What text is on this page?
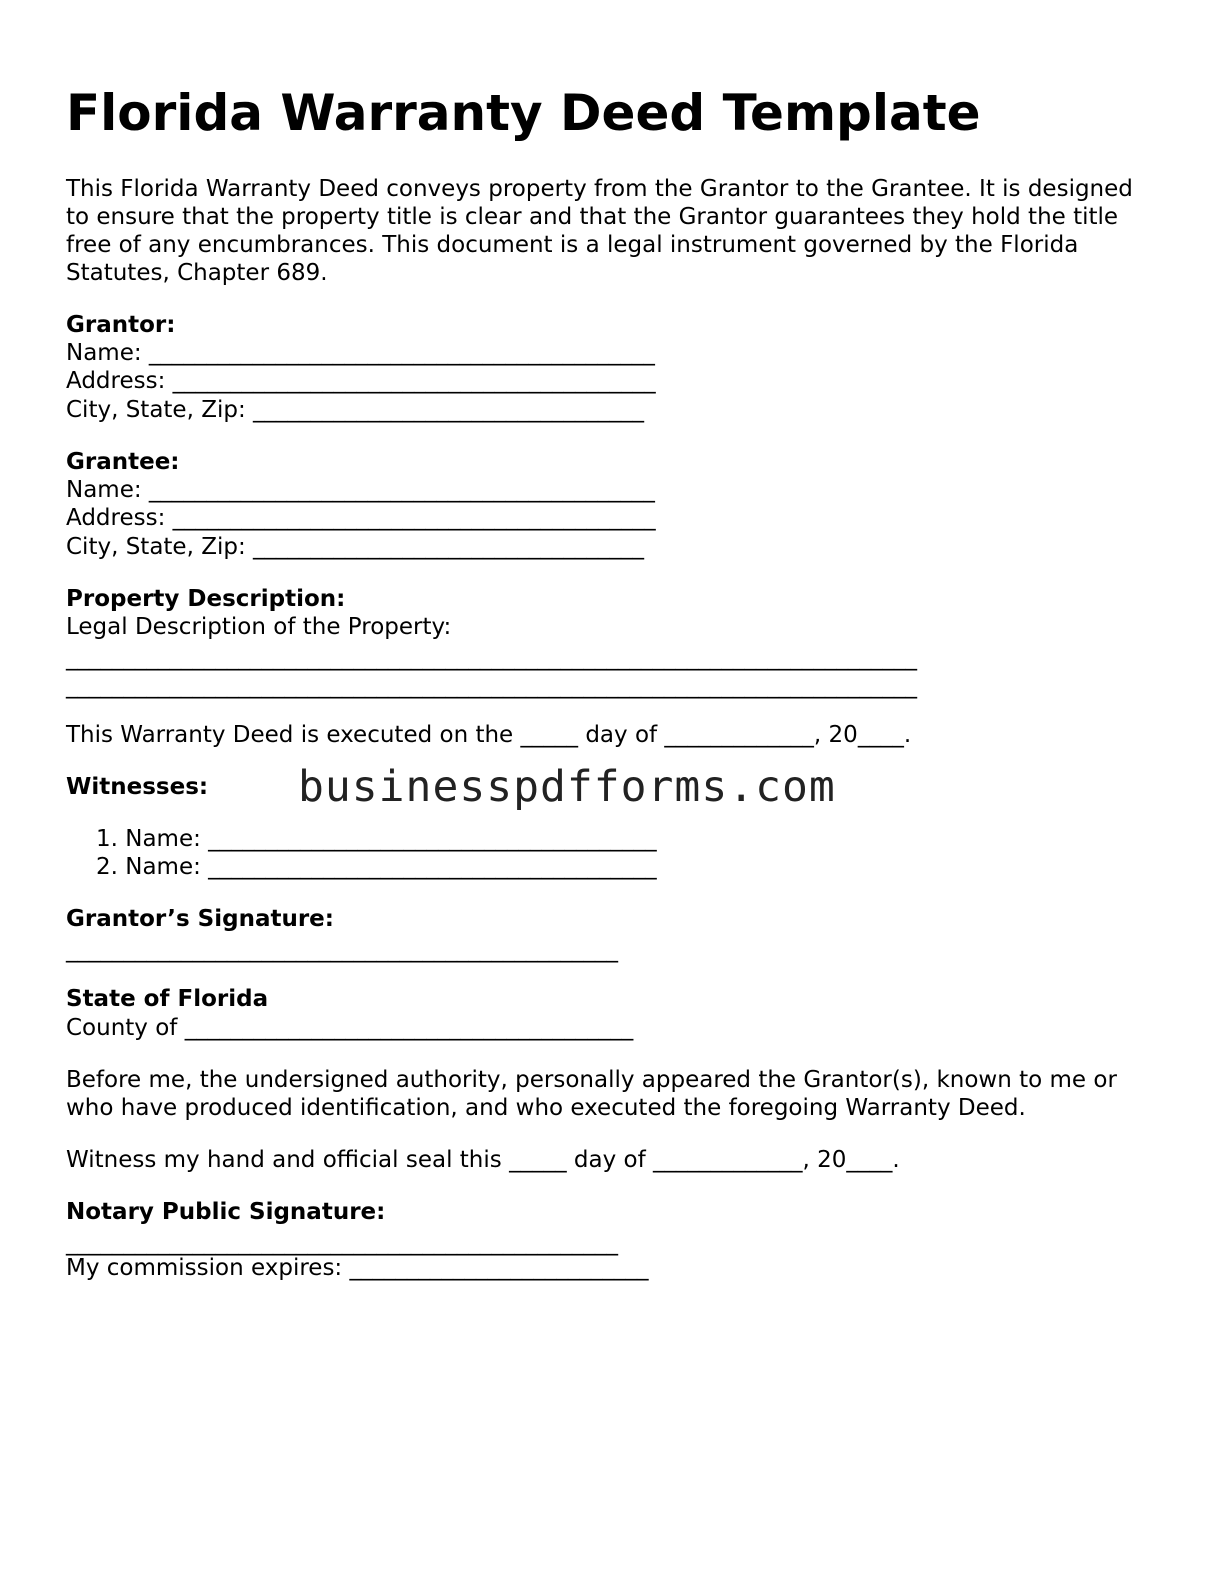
Florida Warranty Deed Template
This Florida Warranty Deed conveys property from the Grantor to the Grantee. It is designed to ensure that the property title is clear and that the Grantor guarantees they hold the title free of any encumbrances. This document is a legal instrument governed by the Florida Statutes, Chapter 689.
Grantor:
Name: ____________________________________________
Address: __________________________________________
City, State, Zip: __________________________________
Grantee:
Name: ____________________________________________
Address: __________________________________________
City, State, Zip: __________________________________
Property Description:
Legal Description of the Property:
__________________________________________________________________________
__________________________________________________________________________
This Warranty Deed is executed on the _____ day of _____________, 20____.
Witnesses: businesspdfforms.com
1. Name: _______________________________________
2. Name: _______________________________________
Grantor’s Signature:
________________________________________________
State of Florida
County of _______________________________________
Before me, the undersigned authority, personally appeared the Grantor(s), known to me or who have produced identification, and who executed the foregoing Warranty Deed.
Witness my hand and official seal this _____ day of _____________, 20____.
Notary Public Signature:
________________________________________________
My commission expires: __________________________
